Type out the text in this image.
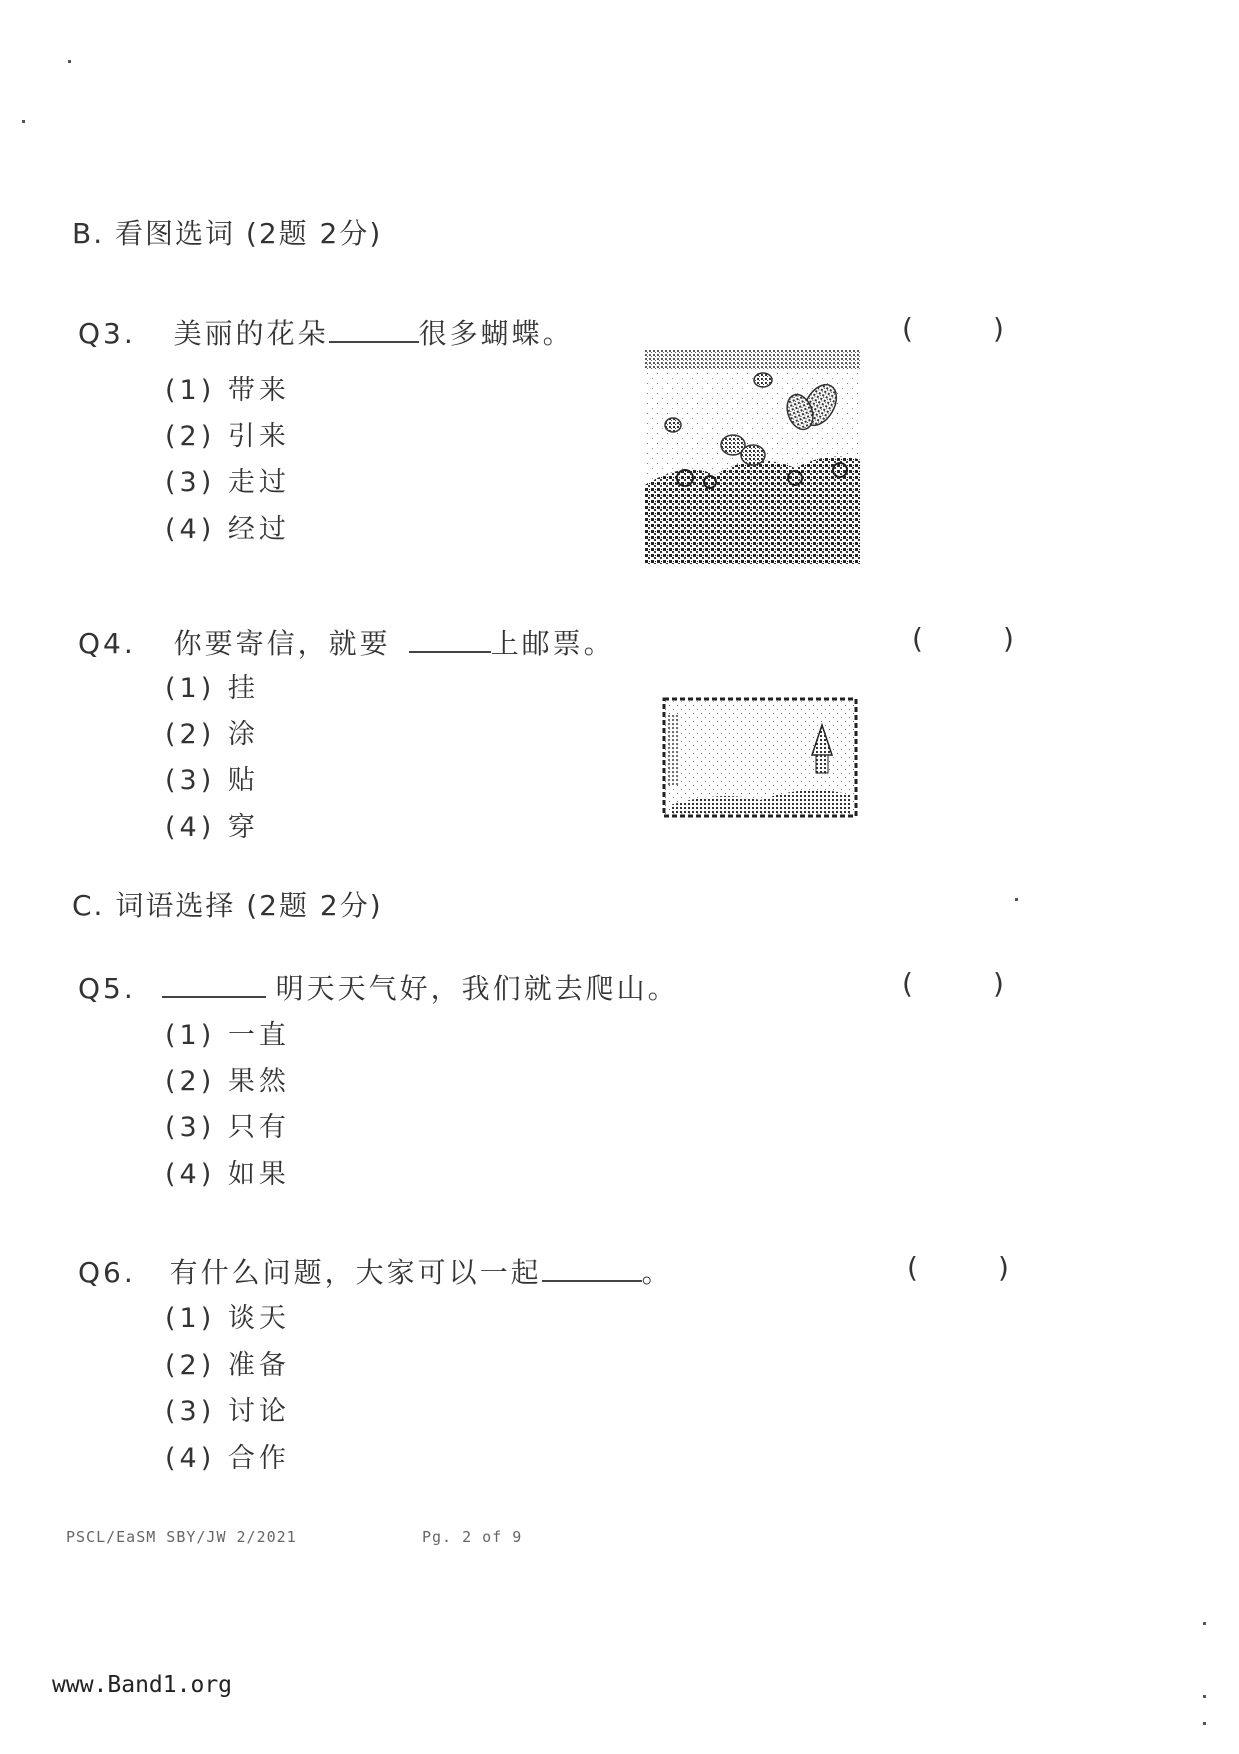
B. 看图选词 (2题 2分)
Q3. 美丽的花朵	很多蝴蝶。	(	)
(1) 带来
(2) 引来
(3) 走过
(4) 经过
Q4. 你要寄信，就要	上邮票。	(	)
(1) 挂
(2) 涂
(3) 贴
(4) 穿
C. 词语选择 (2题 2分)
Q5.	明天天气好，我们就去爬山。	(	)
(1) 一直
(2) 果然
(3) 只有
(4) 如果
Q6. 有什么问题，大家可以一起	。	(	)
(1) 谈天
(2) 准备
(3) 讨论
(4) 合作
PSCL/EaSM SBY/JW 2/2021	Pg. 2 of 9
www.Band1.org
